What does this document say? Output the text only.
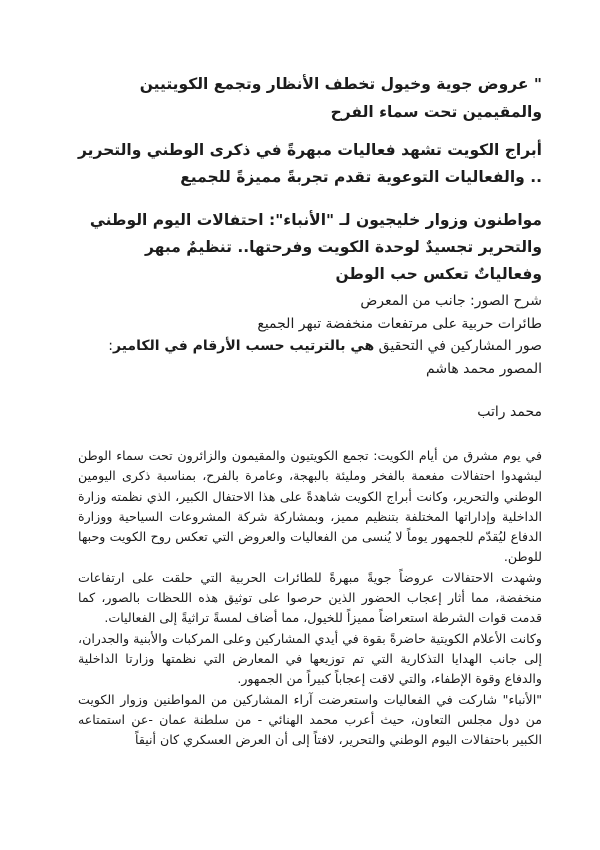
" عروض جوية وخيول تخطف الأنظار وتجمع الكويتيين والمقيمين تحت سماء الفرح

أبراج الكويت تشهد فعاليات مبهرةً في ذكرى الوطني والتحرير .. والفعاليات التوعوية تقدم تجربةً مميزةً للجميع

مواطنون وزوار خليجيون لـ "الأنباء": احتفالات اليوم الوطني والتحرير تجسيدٌ لوحدة الكويت وفرحتها.. تنظيمٌ مبهر وفعالياتٌ تعكس حب الوطن

شرح الصور: جانب من المعرض
طائرات حربية على مرتفعات منخفضة تبهر الجميع
صور المشاركين في التحقيق هي بالترتيب حسب الأرقام في الكامير: المصور محمد هاشم
محمد راتب

في يوم مشرق من أيام الكويت: تجمع الكويتيون والمقيمون والزائرون تحت سماء الوطن ليشهدوا احتفالات مفعمة بالفخر ومليئة بالبهجة، وعامرة بالفرح، بمناسبة ذكرى اليومين الوطني والتحرير، وكانت أبراج الكويت شاهدةً على هذا الاحتفال الكبير، الذي نظمته وزارة الداخلية وإداراتها المختلفة بتنظيم مميز، وبمشاركة شركة المشروعات السياحية ووزارة الدفاع ليُقدّم للجمهور يوماً لا يُنسى من الفعاليات والعروض التي تعكس روح الكويت وحبها للوطن.

وشهدت الاحتفالات عروضاً جويةً مبهرةً للطائرات الحربية التي حلقت على ارتفاعات منخفضة، مما أثار إعجاب الحضور الذين حرصوا على توثيق هذه اللحظات بالصور، كما قدمت قوات الشرطة استعراضاً مميزاً للخيول، مما أضاف لمسةً تراثيةً إلى الفعاليات.

وكانت الأعلام الكويتية حاضرةً بقوة في أيدي المشاركين وعلى المركبات والأبنية والجدران، إلى جانب الهدايا التذكارية التي تم توزيعها في المعارض التي نظمتها وزارتا الداخلية والدفاع وقوة الإطفاء، والتي لاقت إعجاباً كبيراً من الجمهور.

"الأنباء" شاركت في الفعاليات واستعرضت آراء المشاركين من المواطنين وزوار الكويت من دول مجلس التعاون، حيث أعرب محمد الهنائي - من سلطنة عمان -عن استمتاعه الكبير باحتفالات اليوم الوطني والتحرير، لافتاً إلى أن العرض العسكري كان أنيقاً
